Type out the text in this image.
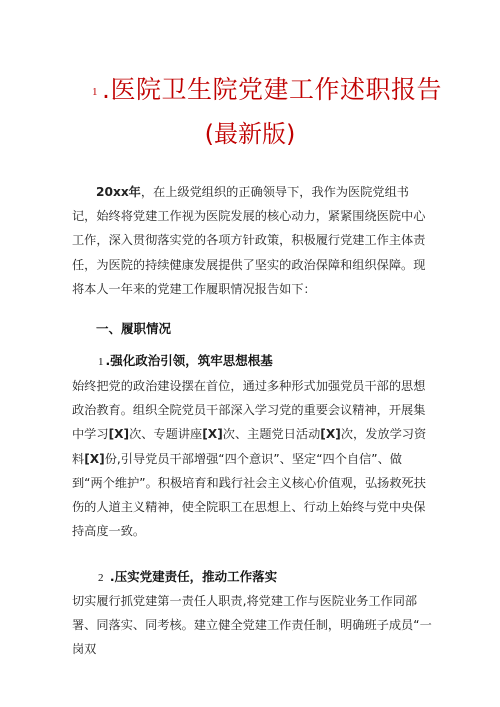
1 .医院卫生院党建工作述职报告
(最新版)
20xx年，在上级党组织的正确领导下，我作为医院党组书记，始终将党建工作视为医院发展的核心动力，紧紧围绕医院中心工作，深入贯彻落实党的各项方针政策，积极履行党建工作主体责任，为医院的持续健康发展提供了坚实的政治保障和组织保障。现将本人一年来的党建工作履职情况报告如下：
一、履职情况
1 .强化政治引领，筑牢思想根基
始终把党的政治建设摆在首位，通过多种形式加强党员干部的思想政治教育。组织全院党员干部深入学习党的重要会议精神，开展集中学习[X]次、专题讲座[X]次、主题党日活动[X]次，发放学习资料[X]份,引导党员干部增强“四个意识”、坚定“四个自信”、做到“两个维护”。积极培育和践行社会主义核心价值观，弘扬救死扶伤的人道主义精神，使全院职工在思想上、行动上始终与党中央保持高度一致。
2 .压实党建责任，推动工作落实
切实履行抓党建第一责任人职责,将党建工作与医院业务工作同部署、同落实、同考核。建立健全党建工作责任制，明确班子成员“一岗双
